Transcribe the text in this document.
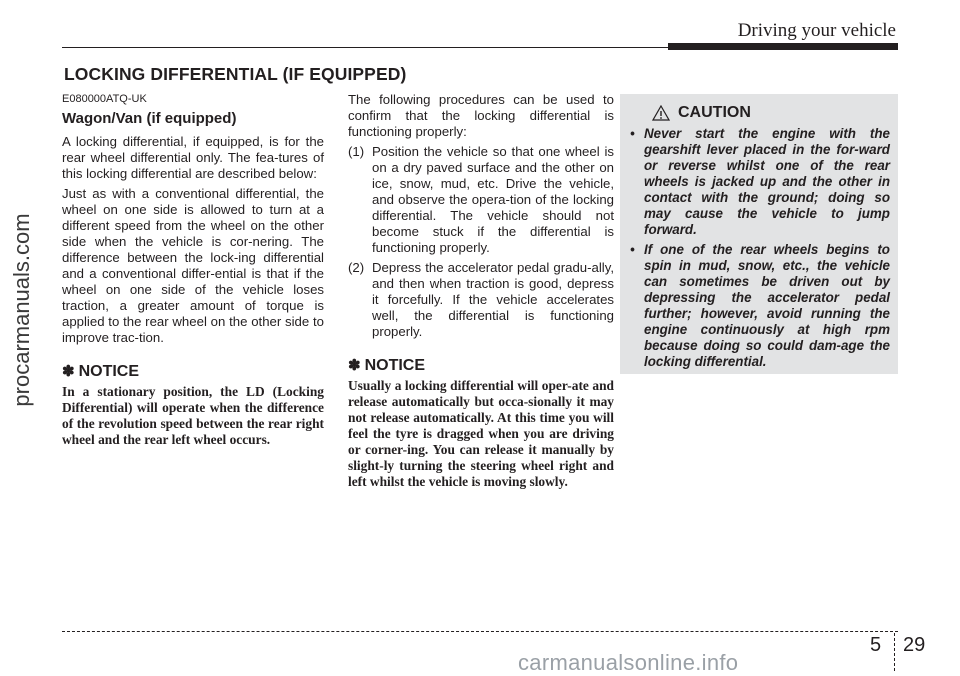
Driving your vehicle
procarmanuals.com
LOCKING DIFFERENTIAL (IF EQUIPPED)

E080000ATQ-UK

Wagon/Van (if equipped)

A locking differential, if equipped, is for the rear wheel differential only. The fea-tures of this locking differential are described below:

Just as with a conventional differential, the wheel on one side is allowed to turn at a different speed from the wheel on the other side when the vehicle is cor-nering. The difference between the lock-ing differential and a conventional differ-ential is that if the wheel on one side of the vehicle loses traction, a greater amount of torque is applied to the rear wheel on the other side to improve trac-tion.

✽ NOTICE

In a stationary position, the LD (Locking Differential) will operate when the difference of the revolution speed between the rear right wheel and the rear left wheel occurs.

The following procedures can be used to confirm that the locking differential is functioning properly:

(1) Position the vehicle so that one wheel is on a dry paved surface and the other on ice, snow, mud, etc. Drive the vehicle, and observe the opera-tion of the locking differential. The vehicle should not become stuck if the differential is functioning properly.
(2) Depress the accelerator pedal gradu-ally, and then when traction is good, depress it forcefully. If the vehicle accelerates well, the differential is functioning properly.
✽ NOTICE

Usually a locking differential will oper-ate and release automatically but occa-sionally it may not release automatically. At this time you will feel the tyre is dragged when you are driving or corner-ing. You can release it manually by slight-ly turning the steering wheel right and left whilst the vehicle is moving slowly.

CAUTION
• Never start the engine with the gearshift lever placed in the for-ward or reverse whilst one of the rear wheels is jacked up and the other in contact with the ground; doing so may cause the vehicle to jump forward.
• If one of the rear wheels begins to spin in mud, snow, etc., the vehicle can sometimes be driven out by depressing the accelerator pedal further; however, avoid running the engine continuously at high rpm because doing so could dam-age the locking differential.
5 29
carmanualsonline.info
